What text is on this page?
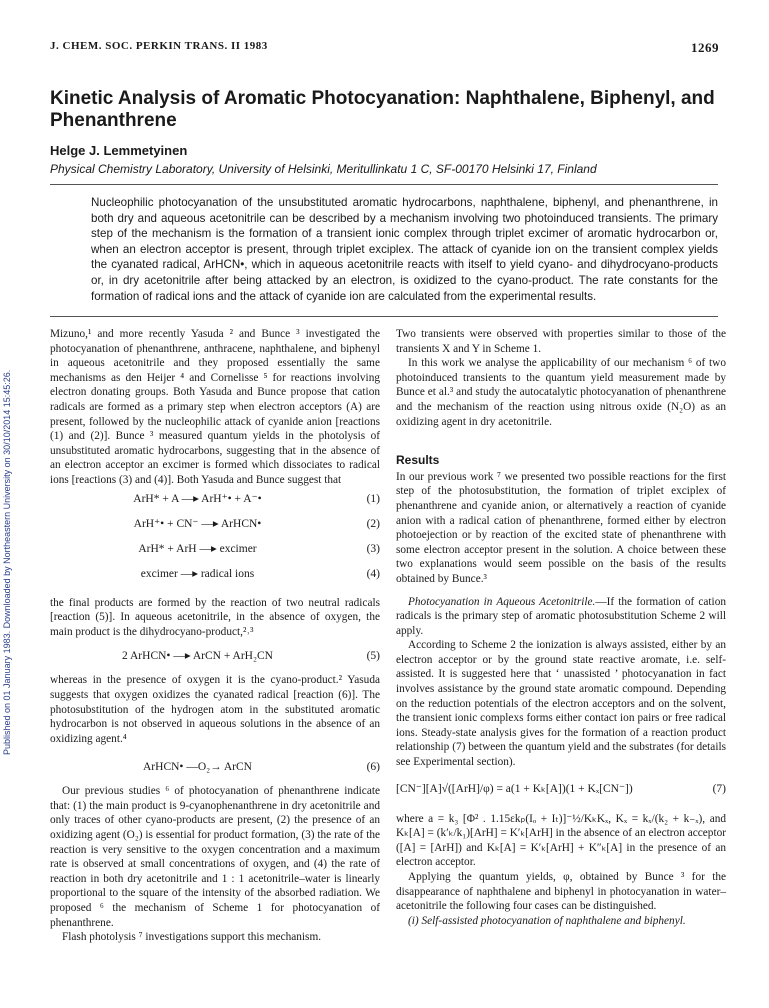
J. CHEM. SOC. PERKIN TRANS. II 1983	1269
Published on 01 January 1983. Downloaded by Northeastern University on 30/10/2014 15:45:26.
Kinetic Analysis of Aromatic Photocyanation: Naphthalene, Biphenyl, and Phenanthrene
Helge J. Lemmetyinen
Physical Chemistry Laboratory, University of Helsinki, Meritullinkatu 1 C, SF-00170 Helsinki 17, Finland
Nucleophilic photocyanation of the unsubstituted aromatic hydrocarbons, naphthalene, biphenyl, and phenanthrene, in both dry and aqueous acetonitrile can be described by a mechanism involving two photoinduced transients. The primary step of the mechanism is the formation of a transient ionic complex through triplet excimer of aromatic hydrocarbon or, when an electron acceptor is present, through triplet exciplex. The attack of cyanide ion on the transient complex yields the cyanated radical, ArHCN•, which in aqueous acetonitrile reacts with itself to yield cyano- and dihydrocyano-products or, in dry acetonitrile after being attacked by an electron, is oxidized to the cyano-product. The rate constants for the formation of radical ions and the attack of cyanide ion are calculated from the experimental results.

Mizuno,¹ and more recently Yasuda ² and Bunce ³ investigated the photocyanation of phenanthrene, anthracene, naphthalene, and biphenyl in aqueous acetonitrile and they proposed essentially the same mechanisms as den Heijer ⁴ and Cornelisse ⁵ for reactions involving electron donating groups. Both Yasuda and Bunce propose that cation radicals are formed as a primary step when electron acceptors (A) are present, followed by the nucleophilic attack of cyanide anion [reactions (1) and (2)]. Bunce ³ measured quantum yields in the photolysis of unsubstituted aromatic hydrocarbons, suggesting that in the absence of an electron acceptor an excimer is formed which dissociates to radical ions [reactions (3) and (4)]. Both Yasuda and Bunce suggest that

ArH* + A —▸ ArH⁺• + A⁻•	(1)
ArH⁺• + CN⁻ —▸ ArHCN•	(2)
ArH* + ArH —▸ excimer	(3)
excimer —▸ radical ions	(4)

the final products are formed by the reaction of two neutral radicals [reaction (5)]. In aqueous acetonitrile, in the absence of oxygen, the main product is the dihydrocyano-product,²˒³

2 ArHCN• —▸ ArCN + ArH₂CN	(5)

whereas in the presence of oxygen it is the cyano-product.² Yasuda suggests that oxygen oxidizes the cyanated radical [reaction (6)]. The photosubstitution of the hydrogen atom in the substituted aromatic hydrocarbon is not observed in aqueous solutions in the absence of an oxidizing agent.⁴

ArHCN• —O₂→ ArCN	(6)

Our previous studies ⁶ of photocyanation of phenanthrene indicate that: (1) the main product is 9-cyanophenanthrene in dry acetonitrile and only traces of other cyano-products are present, (2) the presence of an oxidizing agent (O₂) is essential for product formation, (3) the rate of the reaction is very sensitive to the oxygen concentration and a maximum rate is observed at small concentrations of oxygen, and (4) the rate of reaction in both dry acetonitrile and 1 : 1 acetonitrile–water is linearly proportional to the square of the intensity of the absorbed radiation. We proposed ⁶ the mechanism of Scheme 1 for photocyanation of phenanthrene.

Flash photolysis ⁷ investigations support this mechanism.

Two transients were observed with properties similar to those of the transients X and Y in Scheme 1.

In this work we analyse the applicability of our mechanism ⁶ of two photoinduced transients to the quantum yield measurement made by Bunce et al.³ and study the autocatalytic photocyanation of phenanthrene and the mechanism of the reaction using nitrous oxide (N₂O) as an oxidizing agent in dry acetonitrile.

Results

In our previous work ⁷ we presented two possible reactions for the first step of the photosubstitution, the formation of triplet exciplex of phenanthrene and cyanide anion, or alternatively a reaction of cyanide anion with a radical cation of phenanthrene, formed either by electron photoejection or by reaction of the excited state of phenanthrene with some electron acceptor present in the solution. A choice between these two explanations would seem possible on the basis of the results obtained by Bunce.³

Photocyanation in Aqueous Acetonitrile.—If the formation of cation radicals is the primary step of aromatic photosubstitution Scheme 2 will apply.

According to Scheme 2 the ionization is always assisted, either by an electron acceptor or by the ground state reactive aromate, i.e. self-assisted. It is suggested here that ‘ unassisted ’ photocyanation in fact involves assistance by the ground state aromatic compound. Depending on the reduction potentials of the electron acceptors and on the solvent, the transient ionic complexs forms either contact ion pairs or free radical ions. Steady-state analysis gives for the formation of a reaction product relationship (7) between the quantum yield and the substrates (for details see Experimental section).

[CN⁻][A]√([ArH]/φ) = a(1 + Kₖ[A])(1 + Kₓ[CN⁻])	(7)

where a = k₃ [Φ² . 1.15εkₚ(Iₒ + Iₜ)]⁻½/KₖKₓ, Kₓ = kₓ/(k₂ + k₋ₓ), and Kₖ[A] = (k′ₖ/k₁)[ArH] = K′ₖ[ArH] in the absence of an electron acceptor ([A] = [ArH]) and Kₖ[A] = K′ₖ[ArH] + K″ₖ[A] in the presence of an electron acceptor.

Applying the quantum yields, φ, obtained by Bunce ³ for the disappearance of naphthalene and biphenyl in photocyanation in water–acetonitrile the following four cases can be distinguished.

(i) Self-assisted photocyanation of naphthalene and biphenyl.
